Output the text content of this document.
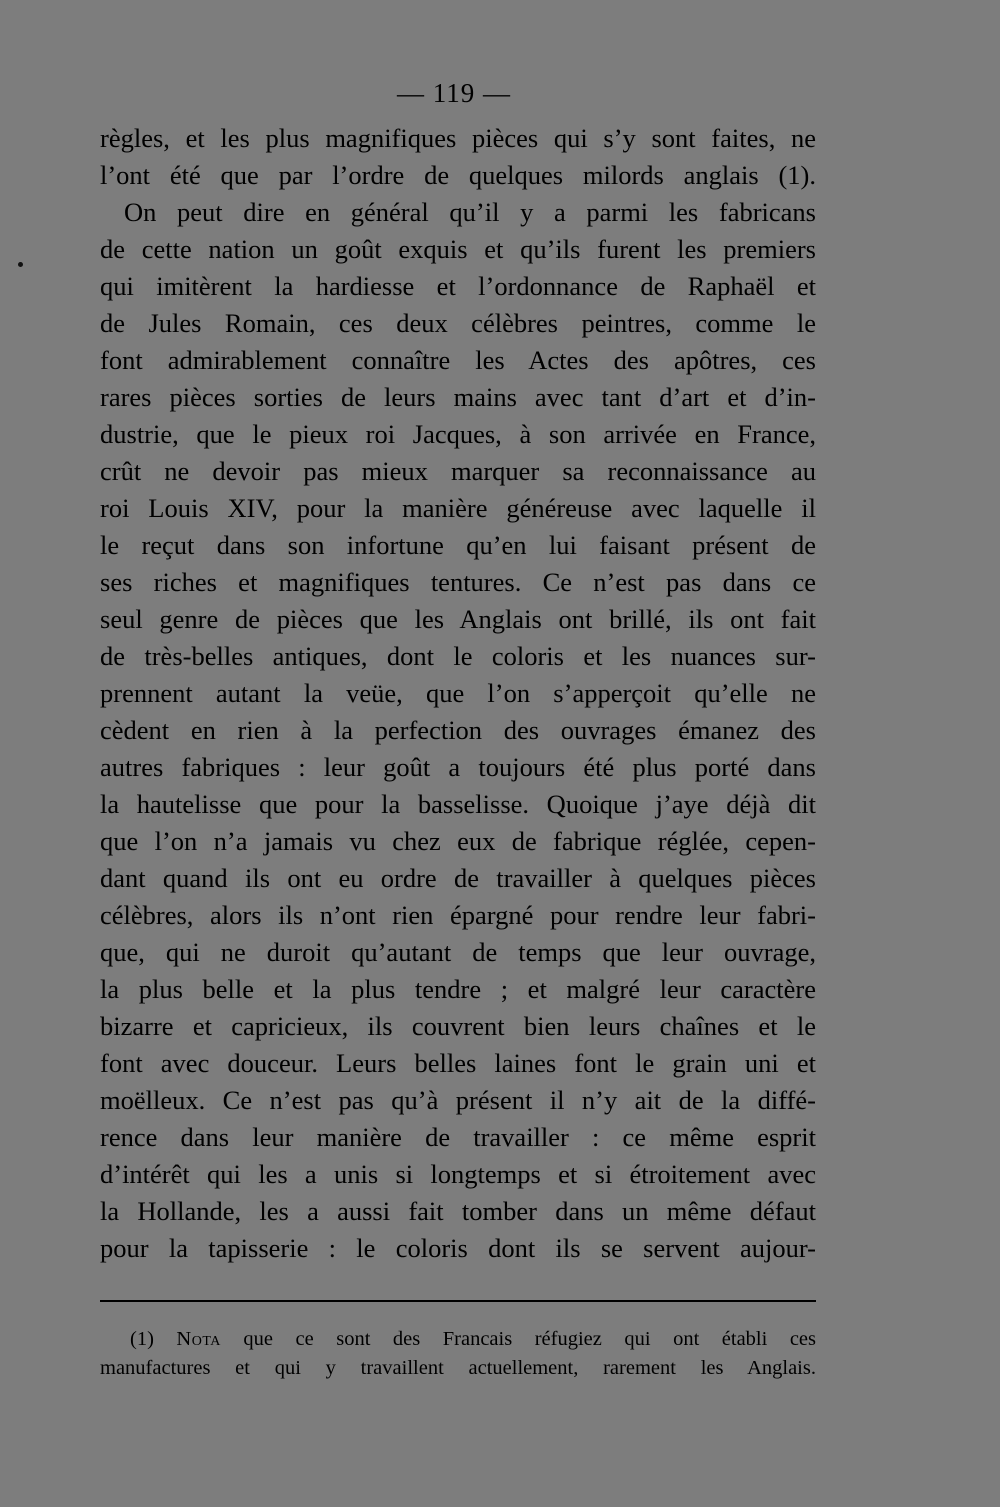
— 119 —
règles, et les plus magnifiques pièces qui s’y sont faites, ne
l’ont été que par l’ordre de quelques milords anglais (1).
On peut dire en général qu’il y a parmi les fabricans
de cette nation un goût exquis et qu’ils furent les premiers
qui imitèrent la hardiesse et l’ordonnance de Raphaël et
de Jules Romain, ces deux célèbres peintres, comme le
font admirablement connaître les Actes des apôtres, ces
rares pièces sorties de leurs mains avec tant d’art et d’in-
dustrie, que le pieux roi Jacques, à son arrivée en France,
crût ne devoir pas mieux marquer sa reconnaissance au
roi Louis XIV, pour la manière généreuse avec laquelle il
le reçut dans son infortune qu’en lui faisant présent de
ses riches et magnifiques tentures. Ce n’est pas dans ce
seul genre de pièces que les Anglais ont brillé, ils ont fait
de très-belles antiques, dont le coloris et les nuances sur-
prennent autant la veüe, que l’on s’apperçoit qu’elle ne
cèdent en rien à la perfection des ouvrages émanez des
autres fabriques : leur goût a toujours été plus porté dans
la hautelisse que pour la basselisse. Quoique j’aye déjà dit
que l’on n’a jamais vu chez eux de fabrique réglée, cepen-
dant quand ils ont eu ordre de travailler à quelques pièces
célèbres, alors ils n’ont rien épargné pour rendre leur fabri-
que, qui ne duroit qu’autant de temps que leur ouvrage,
la plus belle et la plus tendre ; et malgré leur caractère
bizarre et capricieux, ils couvrent bien leurs chaînes et le
font avec douceur. Leurs belles laines font le grain uni et
moëlleux. Ce n’est pas qu’à présent il n’y ait de la diffé-
rence dans leur manière de travailler : ce même esprit
d’intérêt qui les a unis si longtemps et si étroitement avec
la Hollande, les a aussi fait tomber dans un même défaut
pour la tapisserie : le coloris dont ils se servent aujour-
(1) Nota que ce sont des Francais réfugiez qui ont établi ces
manufactures et qui y travaillent actuellement, rarement les Anglais.
